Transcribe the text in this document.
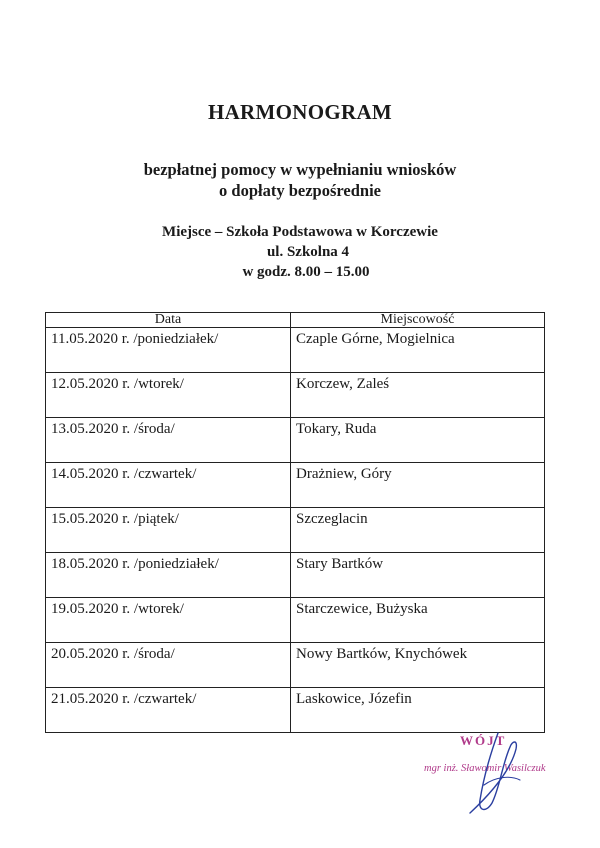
HARMONOGRAM
bezpłatnej pomocy w wypełnianiu wniosków
o dopłaty bezpośrednie
Miejsce – Szkoła Podstawowa w Korczewie
ul. Szkolna 4
w godz. 8.00 – 15.00
Data	Miejscowość
11.05.2020 r. /poniedziałek/	Czaple Górne, Mogielnica
12.05.2020 r. /wtorek/	Korczew, Zaleś
13.05.2020 r. /środa/	Tokary, Ruda
14.05.2020 r. /czwartek/	Drażniew, Góry
15.05.2020 r. /piątek/	Szczeglacin
18.05.2020 r. /poniedziałek/	Stary Bartków
19.05.2020 r. /wtorek/	Starczewice, Bużyska
20.05.2020 r. /środa/	Nowy Bartków, Knychówek
21.05.2020 r. /czwartek/	Laskowice, Józefin
WÓJT
mgr inż. Sławomir Wasilczuk
